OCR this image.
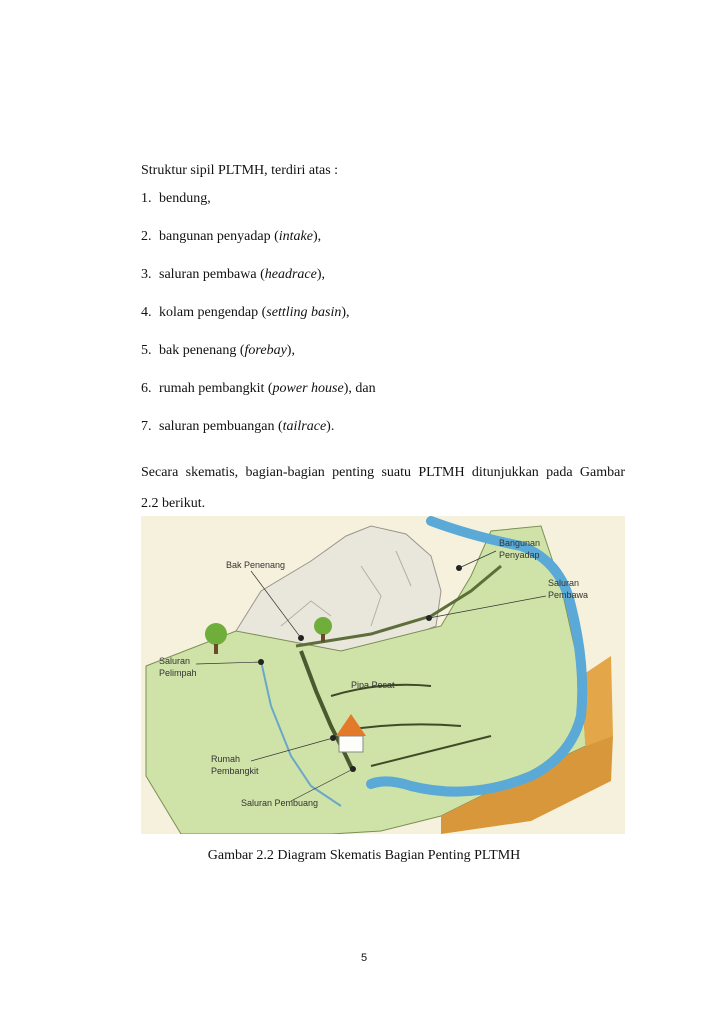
Struktur sipil PLTMH, terdiri atas :
1. bendung,
2. bangunan penyadap (intake),
3. saluran pembawa (headrace),
4. kolam pengendap (settling basin),
5. bak penenang (forebay),
6. rumah pembangkit (power house), dan
7. saluran pembuangan (tailrace).
Secara skematis, bagian-bagian penting suatu PLTMH ditunjukkan pada Gambar
2.2 berikut.
Bak Penenang
Bangunan
Penyadap
Saluran
Pembawa
Saluran
Pelimpah
Pipa Pesat
Rumah
Pembangkit
Saluran Pembuang
Gambar 2.2 Diagram Skematis Bagian Penting PLTMH
5
